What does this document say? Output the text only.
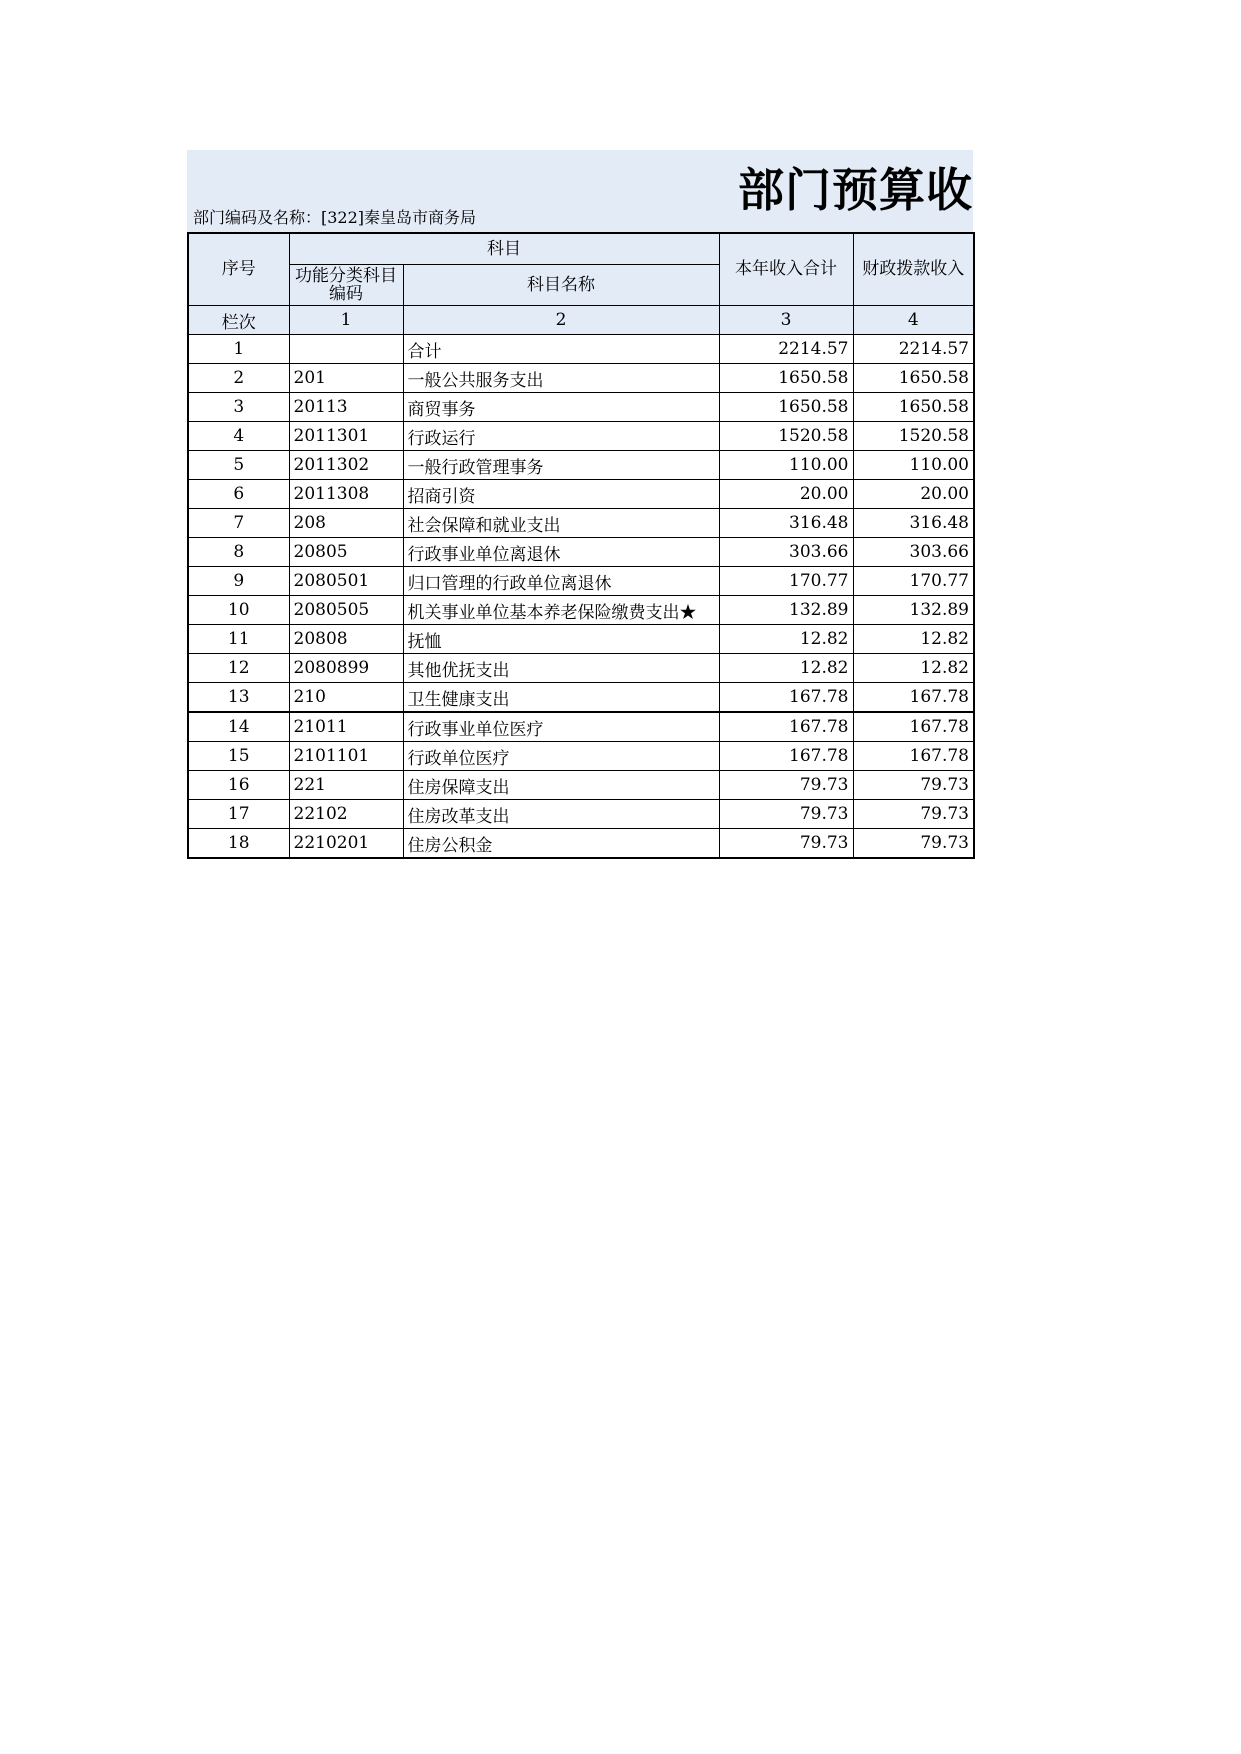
部门预算收
部门编码及名称：[322]秦皇岛市商务局
序号	科目		本年收入合计	财政拨款收入
	功能分类科目编码	科目名称		
栏次	1	2	3	4
1		合计	2214.57	2214.57
2	201	一般公共服务支出	1650.58	1650.58
3	20113	商贸事务	1650.58	1650.58
4	2011301	行政运行	1520.58	1520.58
5	2011302	一般行政管理事务	110.00	110.00
6	2011308	招商引资	20.00	20.00
7	208	社会保障和就业支出	316.48	316.48
8	20805	行政事业单位离退休	303.66	303.66
9	2080501	归口管理的行政单位离退休	170.77	170.77
10	2080505	机关事业单位基本养老保险缴费支出★	132.89	132.89
11	20808	抚恤	12.82	12.82
12	2080899	其他优抚支出	12.82	12.82
13	210	卫生健康支出	167.78	167.78
14	21011	行政事业单位医疗	167.78	167.78
15	2101101	行政单位医疗	167.78	167.78
16	221	住房保障支出	79.73	79.73
17	22102	住房改革支出	79.73	79.73
18	2210201	住房公积金	79.73	79.73
